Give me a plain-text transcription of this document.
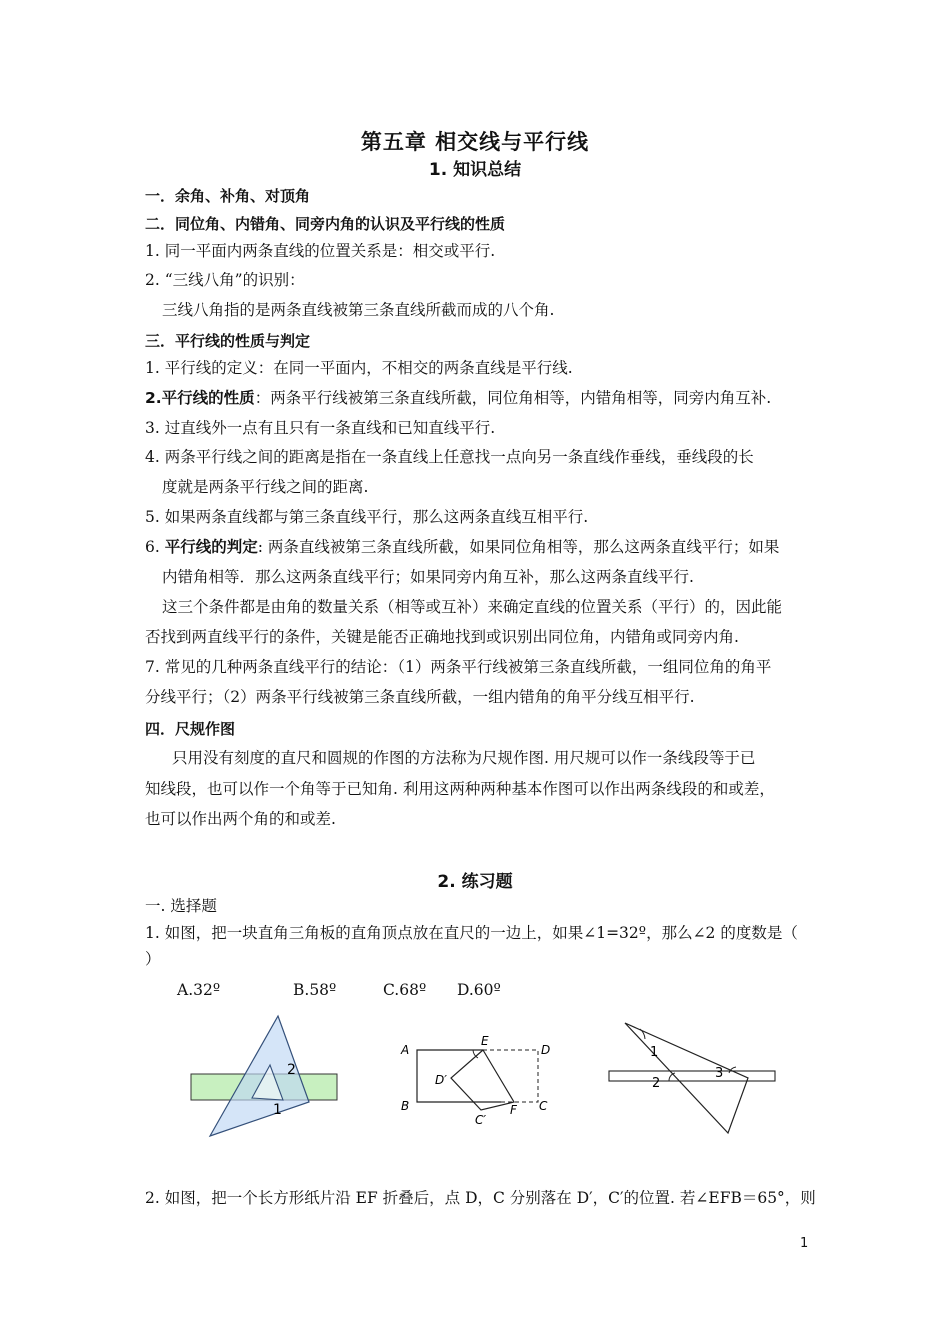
第五章 相交线与平行线
1. 知识总结
一．余角、补角、对顶角
二．同位角、内错角、同旁内角的认识及平行线的性质
1. 同一平面内两条直线的位置关系是：相交或平行.
2. “三线八角”的识别：
三线八角指的是两条直线被第三条直线所截而成的八个角.
三．平行线的性质与判定
1. 平行线的定义：在同一平面内，不相交的两条直线是平行线.
2.平行线的性质：两条平行线被第三条直线所截，同位角相等，内错角相等，同旁内角互补.
3. 过直线外一点有且只有一条直线和已知直线平行.
4. 两条平行线之间的距离是指在一条直线上任意找一点向另一条直线作垂线，垂线段的长
度就是两条平行线之间的距离.
5. 如果两条直线都与第三条直线平行，那么这两条直线互相平行.
6. 平行线的判定: 两条直线被第三条直线所截，如果同位角相等，那么这两条直线平行；如果
内错角相等．那么这两条直线平行；如果同旁内角互补，那么这两条直线平行.
这三个条件都是由角的数量关系（相等或互补）来确定直线的位置关系（平行）的，因此能
否找到两直线平行的条件，关键是能否正确地找到或识别出同位角，内错角或同旁内角.
7. 常见的几种两条直线平行的结论：（1）两条平行线被第三条直线所截，一组同位角的角平
分线平行；（2）两条平行线被第三条直线所截，一组内错角的角平分线互相平行.
四．尺规作图
只用没有刻度的直尺和圆规的作图的方法称为尺规作图. 用尺规可以作一条线段等于已
知线段，也可以作一个角等于已知角. 利用这两种两种基本作图可以作出两条线段的和或差，
也可以作出两个角的和或差.
2. 练习题
一. 选择题
1. 如图，把一块直角三角板的直角顶点放在直尺的一边上，如果∠1=32º，那么∠2 的度数是（
）
A.32º	B.58º	C.68º D.60º
2
1
A
E
D
D′
B
C′
F C
1
2
3
2. 如图，把一个长方形纸片沿 EF 折叠后，点 D，C 分别落在 D′，C′的位置. 若∠EFB＝65°，则
1
